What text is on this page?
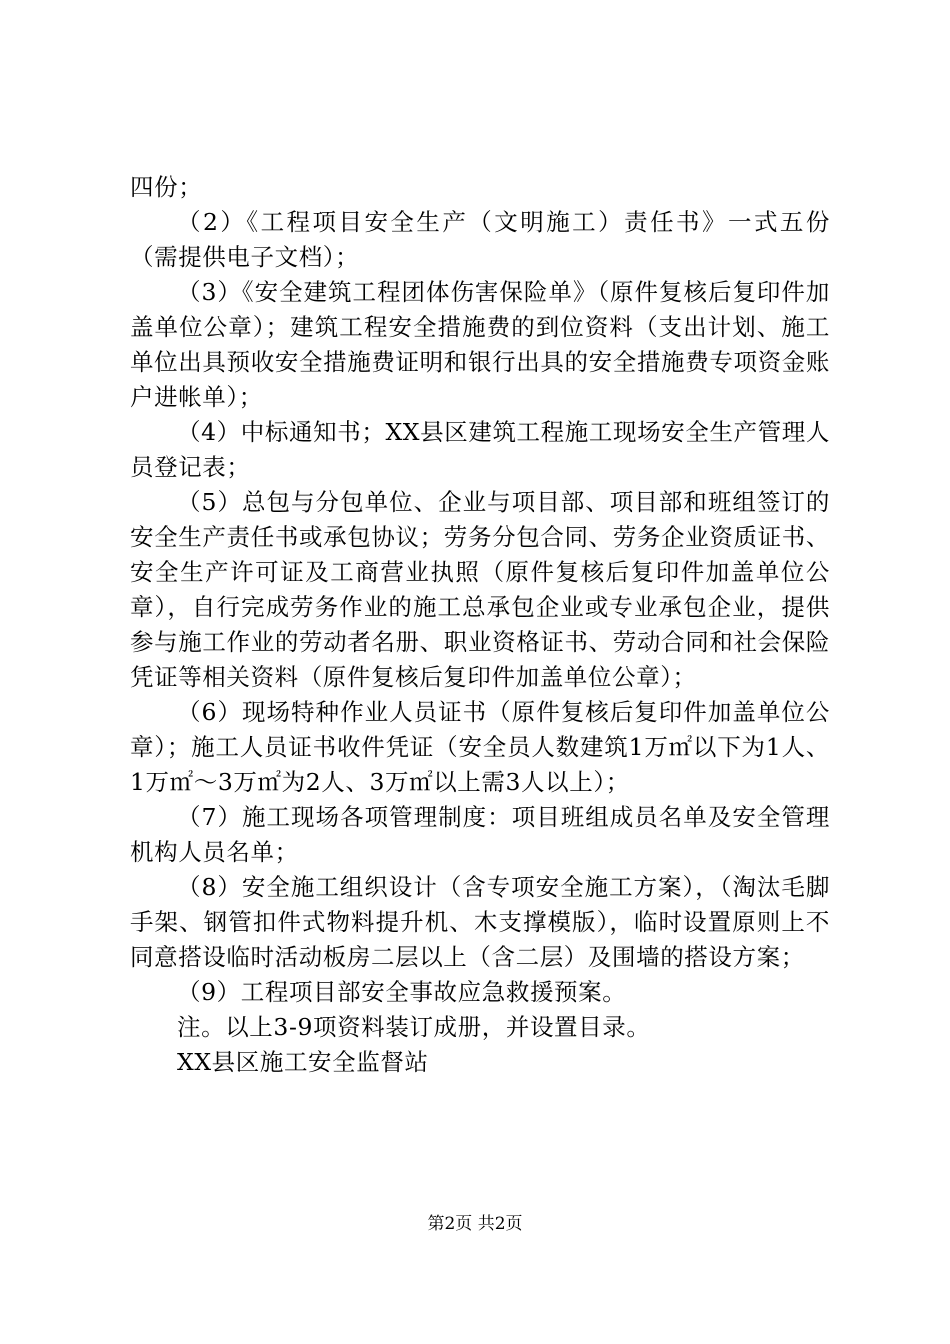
四份；

（2）《工程项目安全生产（文明施工）责任书》一式五份（需提供电子文档）；

（3）《安全建筑工程团体伤害保险单》（原件复核后复印件加盖单位公章）；建筑工程安全措施费的到位资料（支出计划、施工单位出具预收安全措施费证明和银行出具的安全措施费专项资金账户进帐单）；

（4）中标通知书；XX县区建筑工程施工现场安全生产管理人员登记表；

（5）总包与分包单位、企业与项目部、项目部和班组签订的安全生产责任书或承包协议；劳务分包合同、劳务企业资质证书、安全生产许可证及工商营业执照（原件复核后复印件加盖单位公章），自行完成劳务作业的施工总承包企业或专业承包企业，提供参与施工作业的劳动者名册、职业资格证书、劳动合同和社会保险凭证等相关资料（原件复核后复印件加盖单位公章）；

（6）现场特种作业人员证书（原件复核后复印件加盖单位公章）；施工人员证书收件凭证（安全员人数建筑1万㎡以下为1人、1万㎡～3万㎡为2人、3万㎡以上需3人以上）；

（7）施工现场各项管理制度：项目班组成员名单及安全管理机构人员名单；

（8）安全施工组织设计（含专项安全施工方案），（淘汰毛脚手架、钢管扣件式物料提升机、木支撑模版），临时设置原则上不同意搭设临时活动板房二层以上（含二层）及围墙的搭设方案；

（9）工程项目部安全事故应急救援预案。

注。以上3-9项资料装订成册，并设置目录。

XX县区施工安全监督站

第2页 共2页
